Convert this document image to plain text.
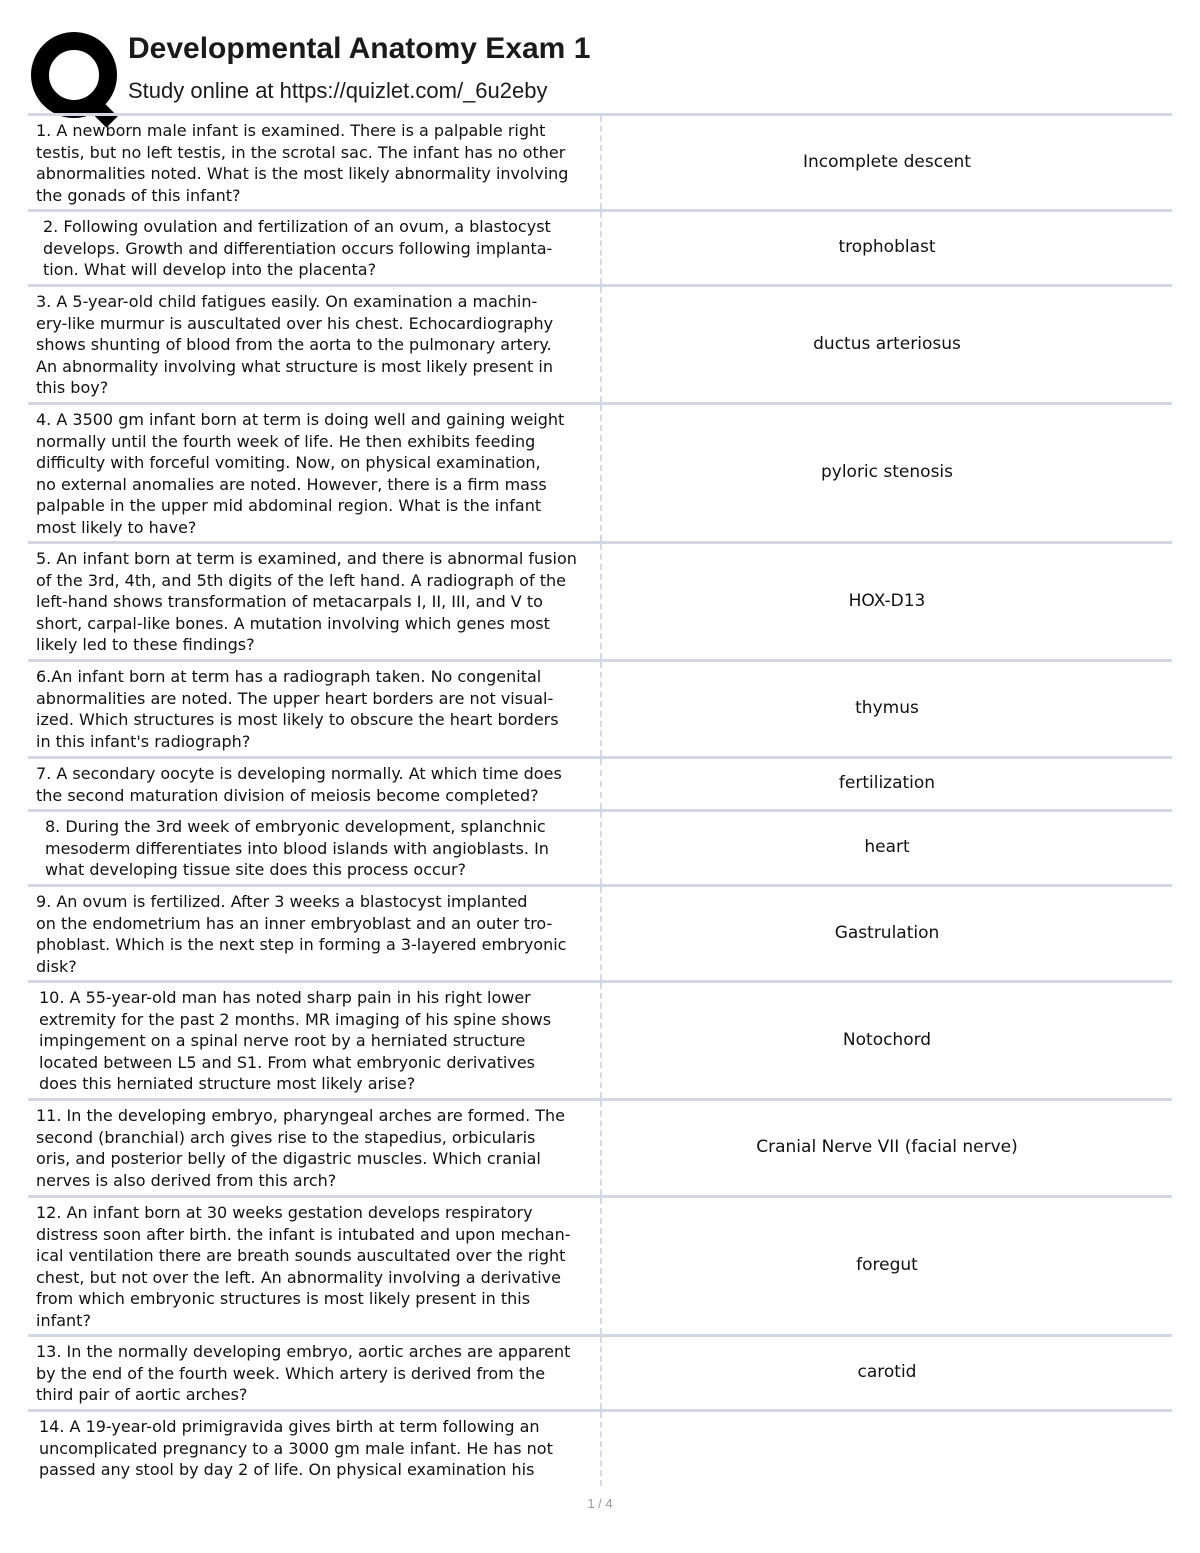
Developmental Anatomy Exam 1
Study online at https://quizlet.com/_6u2eby
1. A newborn male infant is examined. There is a palpable right
testis, but no left testis, in the scrotal sac. The infant has no other
abnormalities noted. What is the most likely abnormality involving
the gonads of this infant?
Incomplete descent
2. Following ovulation and fertilization of an ovum, a blastocyst
develops. Growth and differentiation occurs following implanta-
tion. What will develop into the placenta?
trophoblast
3. A 5-year-old child fatigues easily. On examination a machin-
ery-like murmur is auscultated over his chest. Echocardiography
shows shunting of blood from the aorta to the pulmonary artery.
An abnormality involving what structure is most likely present in
this boy?
ductus arteriosus
4. A 3500 gm infant born at term is doing well and gaining weight
normally until the fourth week of life. He then exhibits feeding
difficulty with forceful vomiting. Now, on physical examination,
no external anomalies are noted. However, there is a firm mass
palpable in the upper mid abdominal region. What is the infant
most likely to have?
pyloric stenosis
5. An infant born at term is examined, and there is abnormal fusion
of the 3rd, 4th, and 5th digits of the left hand. A radiograph of the
left-hand shows transformation of metacarpals I, II, III, and V to
short, carpal-like bones. A mutation involving which genes most
likely led to these findings?
HOX-D13
6.An infant born at term has a radiograph taken. No congenital
abnormalities are noted. The upper heart borders are not visual-
ized. Which structures is most likely to obscure the heart borders
in this infant's radiograph?
thymus
7. A secondary oocyte is developing normally. At which time does
the second maturation division of meiosis become completed?
fertilization
8. During the 3rd week of embryonic development, splanchnic
mesoderm differentiates into blood islands with angioblasts. In
what developing tissue site does this process occur?
heart
9. An ovum is fertilized. After 3 weeks a blastocyst implanted
on the endometrium has an inner embryoblast and an outer tro-
phoblast. Which is the next step in forming a 3-layered embryonic
disk?
Gastrulation
10. A 55-year-old man has noted sharp pain in his right lower
extremity for the past 2 months. MR imaging of his spine shows
impingement on a spinal nerve root by a herniated structure
located between L5 and S1. From what embryonic derivatives
does this herniated structure most likely arise?
Notochord
11. In the developing embryo, pharyngeal arches are formed. The
second (branchial) arch gives rise to the stapedius, orbicularis
oris, and posterior belly of the digastric muscles. Which cranial
nerves is also derived from this arch?
Cranial Nerve VII (facial nerve)
12. An infant born at 30 weeks gestation develops respiratory
distress soon after birth. the infant is intubated and upon mechan-
ical ventilation there are breath sounds auscultated over the right
chest, but not over the left. An abnormality involving a derivative
from which embryonic structures is most likely present in this
infant?
foregut
13. In the normally developing embryo, aortic arches are apparent
by the end of the fourth week. Which artery is derived from the
third pair of aortic arches?
carotid
14. A 19-year-old primigravida gives birth at term following an
uncomplicated pregnancy to a 3000 gm male infant. He has not
passed any stool by day 2 of life. On physical examination his
1 / 4
